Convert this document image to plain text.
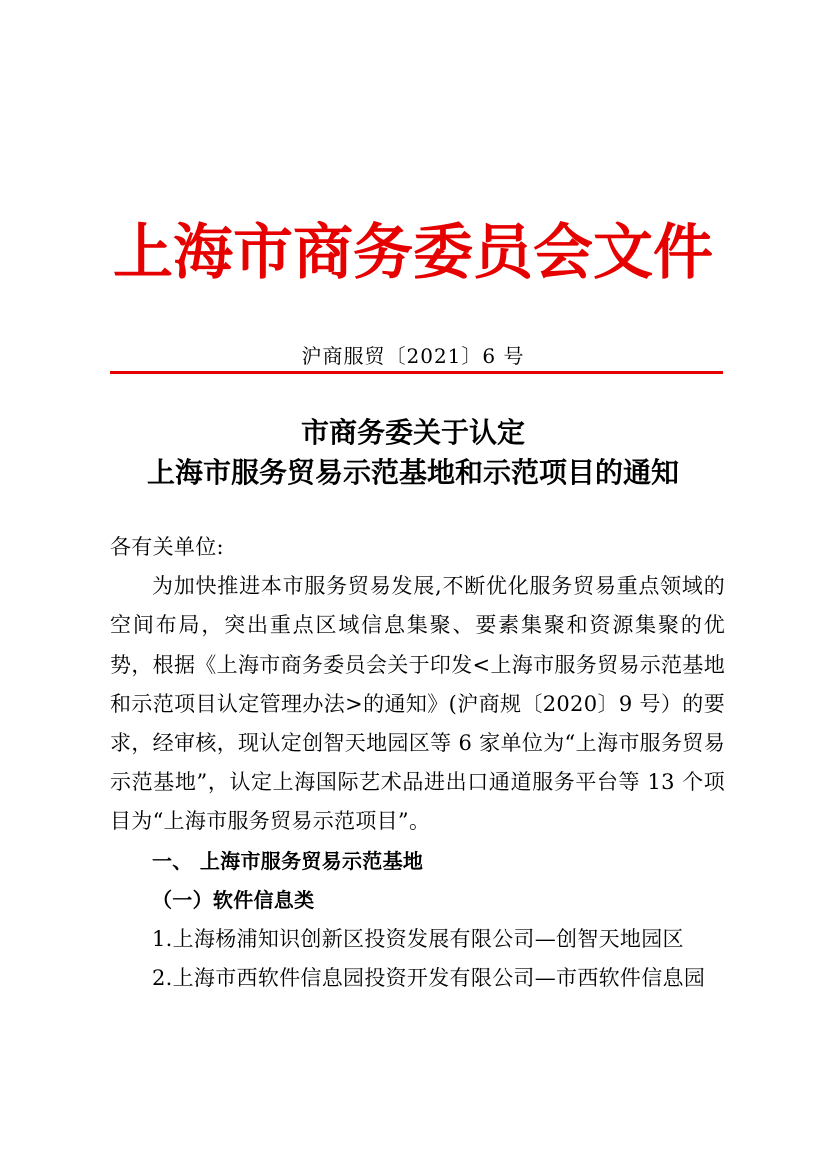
上海市商务委员会文件
沪商服贸〔2021〕6 号
市商务委关于认定
上海市服务贸易示范基地和示范项目的通知

各有关单位:

为加快推进本市服务贸易发展,不断优化服务贸易重点领域的空间布局，突出重点区域信息集聚、要素集聚和资源集聚的优势，根据《上海市商务委员会关于印发<上海市服务贸易示范基地和示范项目认定管理办法>的通知》(沪商规〔2020〕9 号）的要求，经审核，现认定创智天地园区等 6 家单位为“上海市服务贸易示范基地”，认定上海国际艺术品进出口通道服务平台等 13 个项目为“上海市服务贸易示范项目”。

一、 上海市服务贸易示范基地

（一）软件信息类

1.上海杨浦知识创新区投资发展有限公司—创智天地园区

2.上海市西软件信息园投资开发有限公司—市西软件信息园
